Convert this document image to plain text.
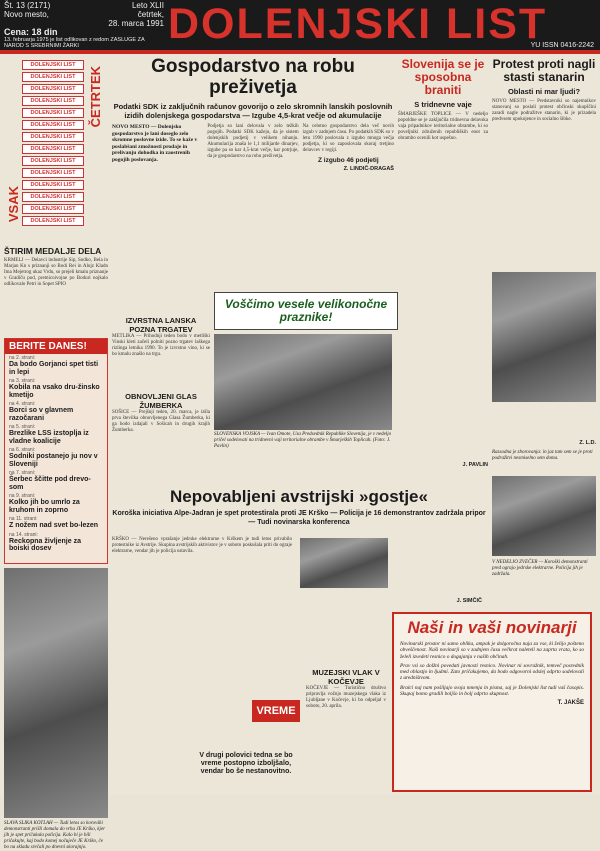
Št. 13 (2171)	Leto XLII
Novo mesto,	četrtek,
28. marca 1991
Cena: 18 din
13. februarja 1975 je list odlikovan z redom ZASLUGE ZA NAROD S SREBRNIMI ŽARKI	DOLENJSKI LIST
YU ISSN 0416-2242
DOLENJSKI LIST
DOLENJSKI LIST
DOLENJSKI LIST
DOLENJSKI LIST
DOLENJSKI LIST
DOLENJSKI LIST
DOLENJSKI LIST
DOLENJSKI LIST
DOLENJSKI LIST
DOLENJSKI LIST
DOLENJSKI LIST
DOLENJSKI LIST
DOLENJSKI LIST
DOLENJSKI LIST
ČETRTEK
VSAK
ŠTIRIM MEDALJE DELA
KRMELJ — Delavci industrije Sip, Sodko, Bela in Marjan Kn s priznanji so Bodi Rei in Alojz Kladn Ima Mejetrog ukaz Vrdu, so prejeli kmalu priznanje v Gradiču pod, premicoivojne po Boduri nojkalo odlikovalo Petri in Sopet SPIO
BERITE DANES!
na 2. strani:
Da bodo Gorjanci spet tisti in lepi
na 3. strani:
Kobila na vsako dru-žinsko kmetijo
na 4. strani:
Borci so v glavnem razočarani
na 5. strani:
Brezlike LSS izstoplja iz vladne koalicije
na 6. strani:
Sodniki postanejo ju nov v Sloveniji
na 7. strani:
Šerbec ščitte pod drevo-som
na 9. strani:
Kolko jih bo umrlo za kruhom in zoprno
na 11. strani:
Z nožem nad svet bo-lezen
na 14. strani:
Reckopna življenje za boiski dosev
SLAVA SLIKA KOTLAH — Tudi letos so korovški demonstranti prišli domala do vrha JE Krško, kjer jih je spet pričakala policija. Kalo bi je bili pričakujte, kaj bodo komej nočuječe JE Krško, če bo na skladu srečali po dnevni skorajnjo.
Gospodarstvo na robu preživetja
Podatki SDK iz zaključnih računov govorijo o zelo skromnih lanskih poslovnih izidih dolenjskega gospodarstva — Izgube 4,5-krat večje od akumulacije

NOVO MESTO — Dolenjsko gospodarstvo je lani doseglo zelo skromne poslovne izide. To se kaže v poslabšani zmožnosti prodaje in prelivanju dohodka in zaostrenih pogojih poslovanja.

Podjetja so lani delovala v zelo težkih pogojih. Podatki SDK kažejo, da je sistem dolenjskih podjetij v velikem nihanju. Akumulacija znaša le 1,1 milijarde dinarjev, izgube pa so kar 4,5-krat večje, kar potrjuje, da je gospodarstvo na robu preživetja.

Na celotno gospodarstvo dela več novih izgub v zadnjem času. Po podatkih SDK so v letu 1990 poslovala z izgubo mnoga večja podjetja, ki so zaposlovala skoraj tretjino delavcev v regiji.

Z izgubo 46 podjetij
Z. LINDIČ-DRAGAŠ
Slovenija se je sposobna braniti
S tridnevne vaje

ŠMARJEŠKE TOPLICE — V nedeljo popoldne se je zaključila tridnevna delavska vaja pripadnikov teritorialne obrambe, ki so poveljniki združenih republiških enot za obrambo ocenili kot uspešno.

J. PAVLIN
Protest proti nagli stasti stanarin
Oblasti ni mar ljudi?

NOVO MESTO — Predstavniki so najemnikov stanovanj so poslali protest občinski skupščini zaradi nagle podražitve stanarin, ki je prizadela predvsem upokojence in socialno šibke.

Razsodna je zborovanja: in jaz tam sem se je proti podražitvi nesmiselno sem doma.
Z. L.D.
Voščimo vesele velikonočne praznike!
IZVRSTNA LANSKA POZNA TRGATEV

METLIKA — Prihodnji teden bodo v metliški Vinski kleti začeli polniti pozno trgatev laškega rizlinga letnika 1990. To je izvrstno vino, ki se bo kmalu znašlo na trgu.

OBNOVLJENI GLAS ŽUMBERKA

SOŠICE — Prejšnji teden, 20. marca, je izšla prva številka obnovljenega Glasa Žumberka, ki ga bodo izdajali v Sošicah in drugih krajih Žumberka.

SLOVENSKA VOJSKA — Ivan Omote, Usa Predsednik Republike Slovenija, je v nedeljo pričel sodelovati na tridnevni vaji teritorialne obrambe v Šmarjeških Toplicah. (Foto: J. Pavlin)
Nepovabljeni avstrijski »gostje«
Koroška iniciativa Alpe-Jadran je spet protestirala proti JE Krško — Policija je 16 demonstrantov zadržala pripor — Tudi novinarska konferenca

KRŠKO — Nerešeno vprašanje jedrske elektrarne v Krškem je tudi letos privabilo protestnike iz Avstrije. Skupina avstrijskih aktivistov je v soboto poskušala priti do ograje elektrarne, vendar jih je policija ustavila.

J. SIMČIČ
MUZEJSKI VLAK V KOČEVJE

KOČEVJE — Turistično društvo pripravlja vožnjo muzejskega vlaka iz Ljubljane v Kočevje, ki bo odpeljal v soboto, 20. aprila.

VREME
V drugi polovici tedna se bo vreme postopno izboljšalo, vendar bo še nestanovitno.
V NEDELJO ZVEČER — Koroški demonstranti pred ograjo jedrske elektrarne. Policija jih je zadržala.
Naši in vaši novinarji

Novinarski prostor ni samo oblika, ampak je dolgoročna nuja za vse, ki želijo pošteno obveščenost. Naši novinarji so v zadnjem času večkrat naleteli na zaprta vrata, ko so želeli izvedeti resnico o dogajanju v naših občinah.

Prav vsi so dolžni povedati javnosti resnico. Novinar ni sovražnik, temveč posrednik med oblastjo in ljudmi. Zato pričakujemo, da bodo odgovorni odslej odprto sodelovali z uredništvom.

Bralci naj nam pošiljajo svoja mnenja in pisma, saj je Dolenjski list tudi vaš časopis. Skupaj bomo gradili boljšo in bolj odprto skupnost.

T. JAKŠE
